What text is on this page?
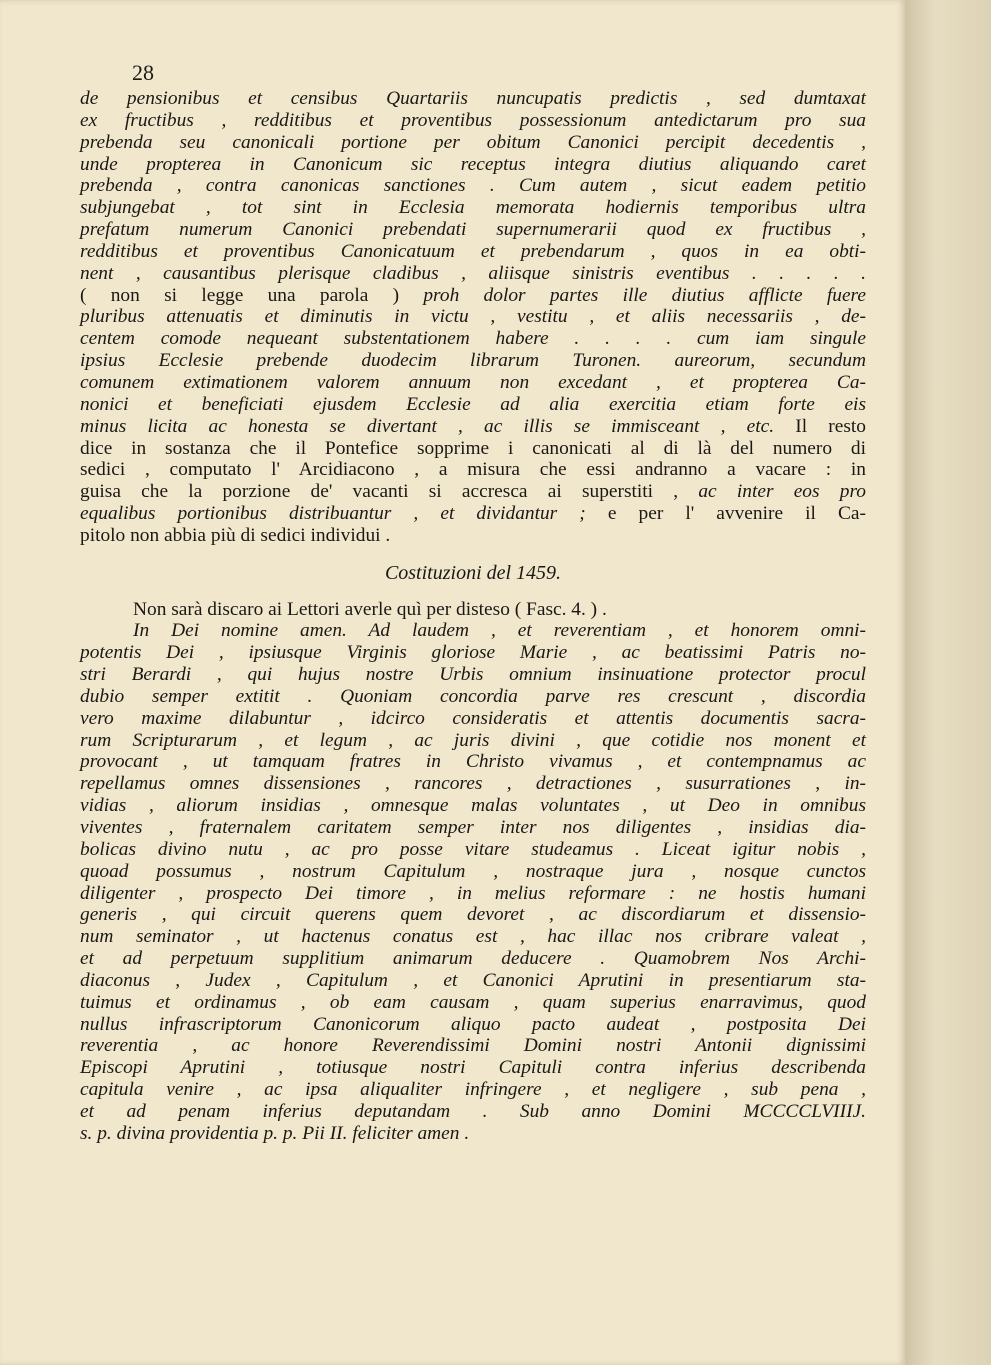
28

de pensionibus et censibus Quartariis nuncupatis predictis , sed dumtaxat
ex fructibus , redditibus et proventibus possessionum antedictarum pro sua
prebenda seu canonicali portione per obitum Canonici percipit decedentis ,
unde propterea in Canonicum sic receptus integra diutius aliquando caret
prebenda , contra canonicas sanctiones . Cum autem , sicut eadem petitio
subjungebat , tot sint in Ecclesia memorata hodiernis temporibus ultra
prefatum numerum Canonici prebendati supernumerarii quod ex fructibus ,
redditibus et proventibus Canonicatuum et prebendarum , quos in ea obti-
nent , causantibus plerisque cladibus , aliisque sinistris eventibus . . . . .
( non si legge una parola ) proh dolor partes ille diutius afflicte fuere
pluribus attenuatis et diminutis in victu , vestitu , et aliis necessariis , de-
centem comode nequeant substentationem habere . . . . cum iam singule
ipsius Ecclesie prebende duodecim librarum Turonen. aureorum, secundum
comunem extimationem valorem annuum non excedant , et propterea Ca-
nonici et beneficiati ejusdem Ecclesie ad alia exercitia etiam forte eis
minus licita ac honesta se divertant , ac illis se immisceant , etc. Il resto
dice in sostanza che il Pontefice sopprime i canonicati al di là del numero di
sedici , computato l' Arcidiacono , a misura che essi andranno a vacare : in
guisa che la porzione de' vacanti si accresca ai superstiti , ac inter eos pro
equalibus portionibus distribuantur , et dividantur ; e per l' avvenire il Ca-
pitolo non abbia più di sedici individui .
Costituzioni del 1459.
Non sarà discaro ai Lettori averle quì per disteso ( Fasc. 4. ) .
In Dei nomine amen. Ad laudem , et reverentiam , et honorem omni-
potentis Dei , ipsiusque Virginis gloriose Marie , ac beatissimi Patris no-
stri Berardi , qui hujus nostre Urbis omnium insinuatione protector procul
dubio semper extitit . Quoniam concordia parve res crescunt , discordia
vero maxime dilabuntur , idcirco consideratis et attentis documentis sacra-
rum Scripturarum , et legum , ac juris divini , que cotidie nos monent et
provocant , ut tamquam fratres in Christo vivamus , et contempnamus ac
repellamus omnes dissensiones , rancores , detractiones , susurrationes , in-
vidias , aliorum insidias , omnesque malas voluntates , ut Deo in omnibus
viventes , fraternalem caritatem semper inter nos diligentes , insidias dia-
bolicas divino nutu , ac pro posse vitare studeamus . Liceat igitur nobis ,
quoad possumus , nostrum Capitulum , nostraque jura , nosque cunctos
diligenter , prospecto Dei timore , in melius reformare : ne hostis humani
generis , qui circuit querens quem devoret , ac discordiarum et dissensio-
num seminator , ut hactenus conatus est , hac illac nos cribrare valeat ,
et ad perpetuum supplitium animarum deducere . Quamobrem Nos Archi-
diaconus , Judex , Capitulum , et Canonici Aprutini in presentiarum sta-
tuimus et ordinamus , ob eam causam , quam superius enarravimus, quod
nullus infrascriptorum Canonicorum aliquo pacto audeat , postposita Dei
reverentia , ac honore Reverendissimi Domini nostri Antonii dignissimi
Episcopi Aprutini , totiusque nostri Capituli contra inferius describenda
capitula venire , ac ipsa aliqualiter infringere , et negligere , sub pena ,
et ad penam inferius deputandam . Sub anno Domini MCCCCLVIIIJ.
s. p. divina providentia p. p. Pii II. feliciter amen .
